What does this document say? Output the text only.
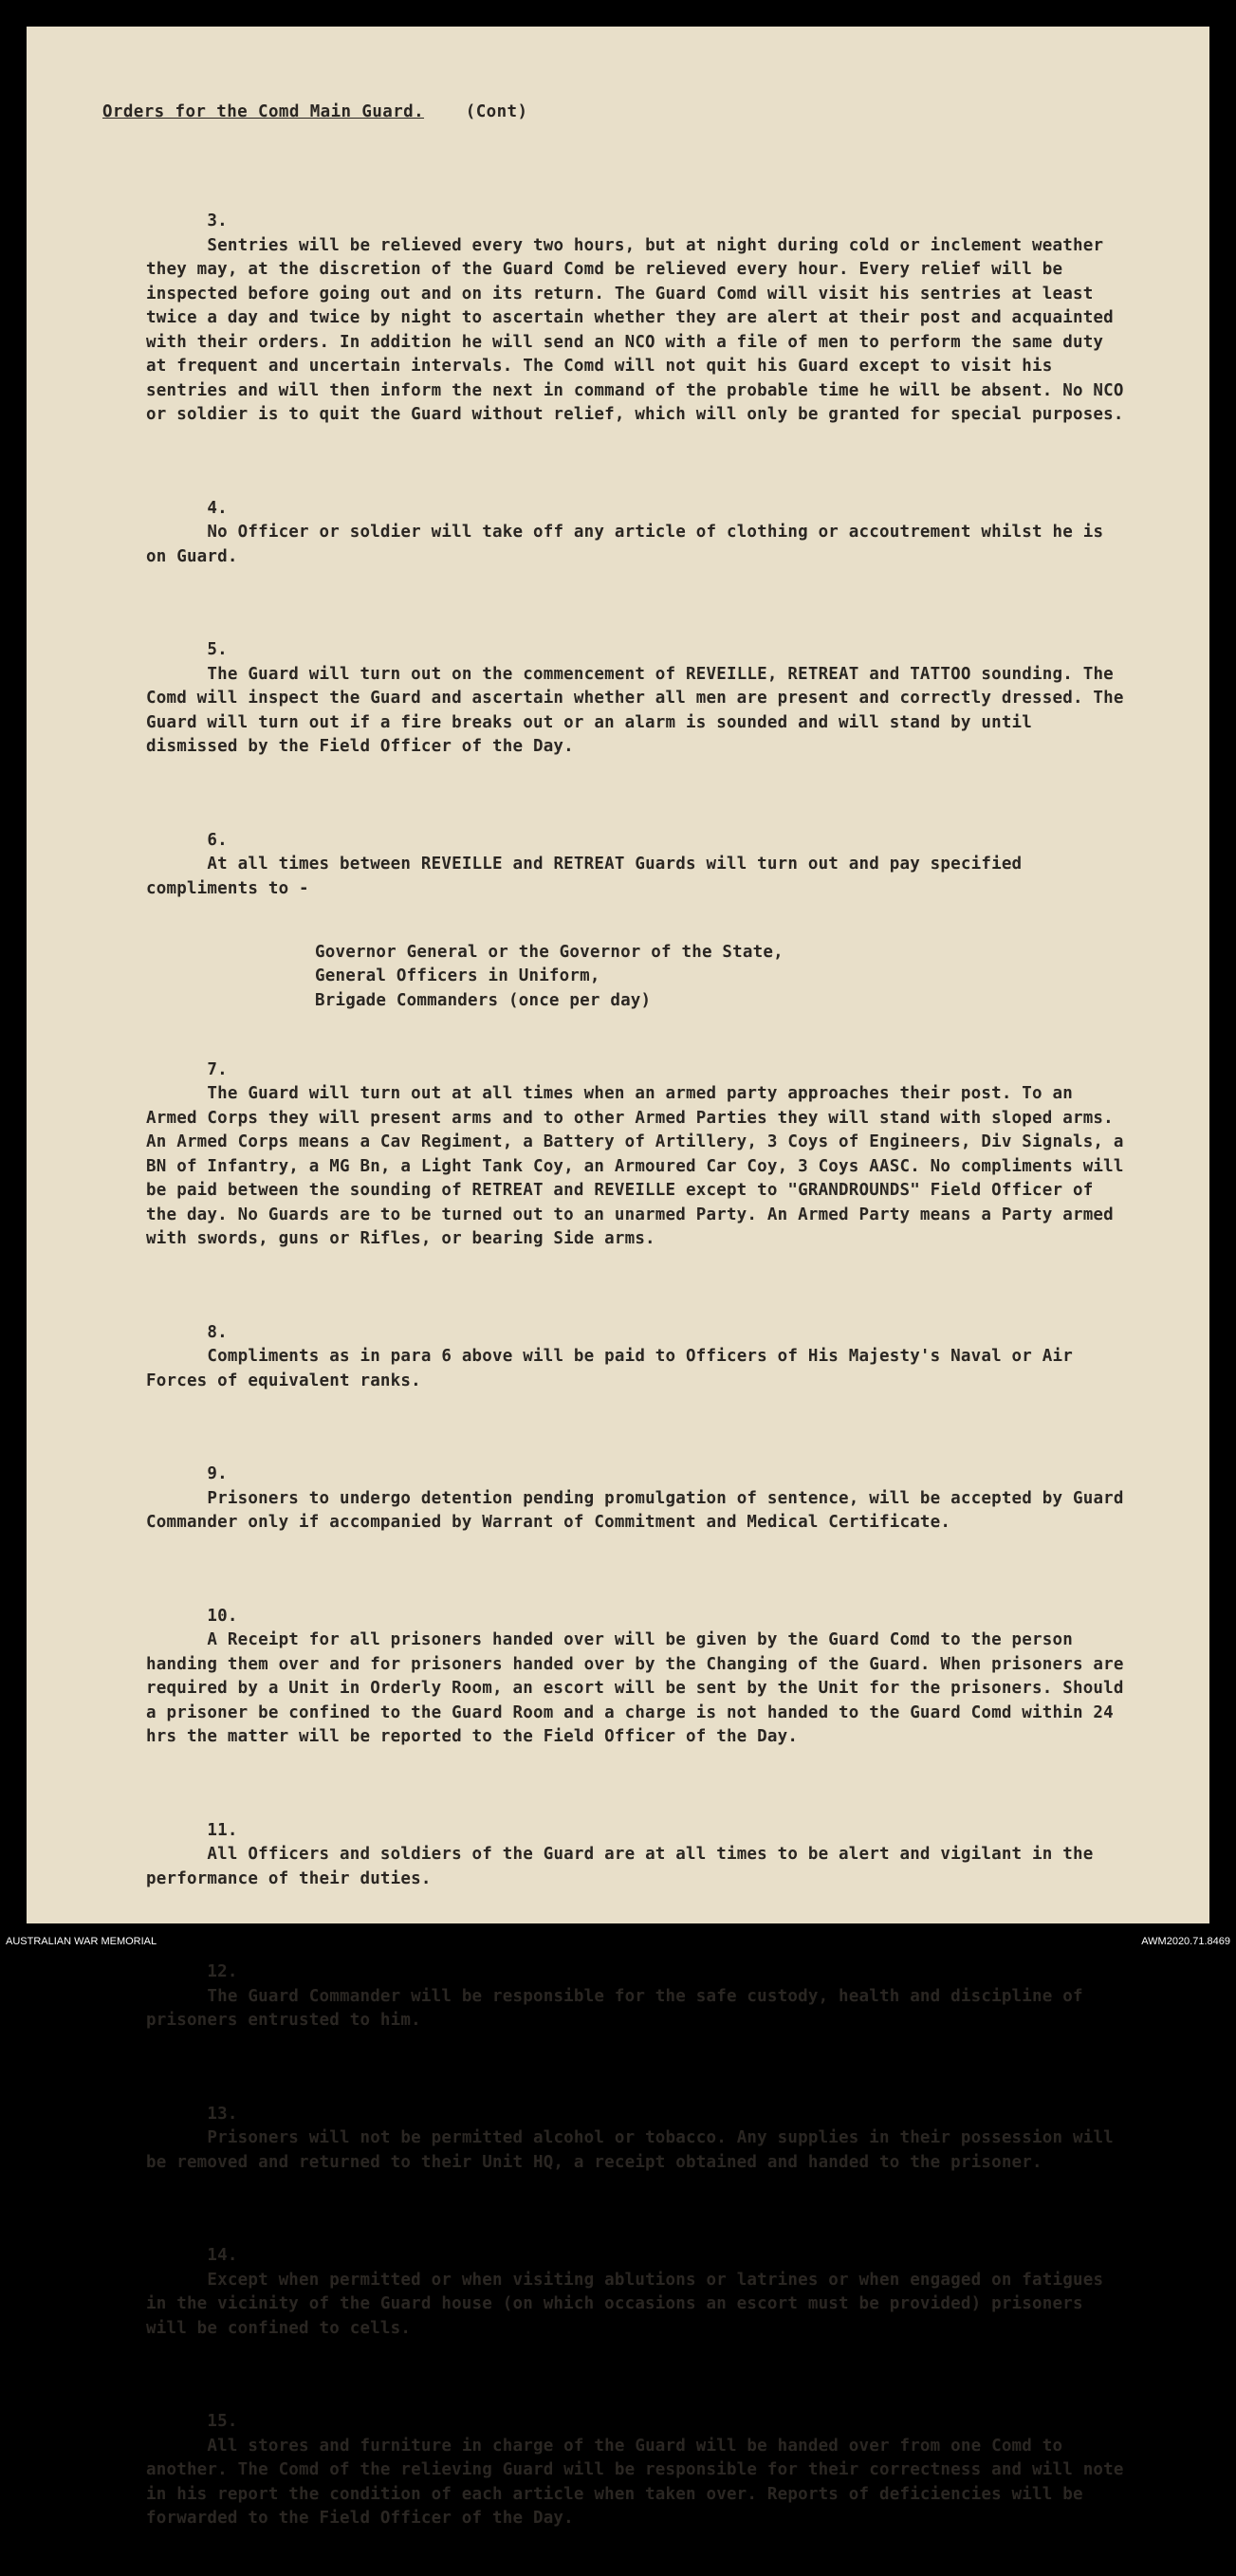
Orders for the Comd Main Guard.	(Cont)

3.
Sentries will be relieved every two hours, but at night during cold or inclement weather they may, at the discretion of the Guard Comd be relieved every hour. Every relief will be inspected before going out and on its return. The Guard Comd will visit his sentries at least twice a day and twice by night to ascertain whether they are alert at their post and acquainted with their orders. In addition he will send an NCO with a file of men to perform the same duty at frequent and uncertain intervals. The Comd will not quit his Guard except to visit his sentries and will then inform the next in command of the probable time he will be absent. No NCO or soldier is to quit the Guard without relief, which will only be granted for special purposes.

4.
No Officer or soldier will take off any article of clothing or accoutrement whilst he is on Guard.

5.
The Guard will turn out on the commencement of REVEILLE, RETREAT and TATTOO sounding. The Comd will inspect the Guard and ascertain whether all men are present and correctly dressed. The Guard will turn out if a fire breaks out or an alarm is sounded and will stand by until dismissed by the Field Officer of the Day.

6.
At all times between REVEILLE and RETREAT Guards will turn out and pay specified compliments to -

Governor General or the Governor of the State,
General Officers in Uniform,
Brigade Commanders (once per day)

7.
The Guard will turn out at all times when an armed party approaches their post. To an Armed Corps they will present arms and to other Armed Parties they will stand with sloped arms. An Armed Corps means a Cav Regiment, a Battery of Artillery, 3 Coys of Engineers, Div Signals, a BN of Infantry, a MG Bn, a Light Tank Coy, an Armoured Car Coy, 3 Coys AASC. No compliments will be paid between the sounding of RETREAT and REVEILLE except to "GRANDROUNDS" Field Officer of the day. No Guards are to be turned out to an unarmed Party. An Armed Party means a Party armed with swords, guns or Rifles, or bearing Side arms.

8.
Compliments as in para 6 above will be paid to Officers of His Majesty's Naval or Air Forces of equivalent ranks.

9.
Prisoners to undergo detention pending promulgation of sentence, will be accepted by Guard Commander only if accompanied by Warrant of Commitment and Medical Certificate.

10.
A Receipt for all prisoners handed over will be given by the Guard Comd to the person handing them over and for prisoners handed over by the Changing of the Guard. When prisoners are required by a Unit in Orderly Room, an escort will be sent by the Unit for the prisoners. Should a prisoner be confined to the Guard Room and a charge is not handed to the Guard Comd within 24 hrs the matter will be reported to the Field Officer of the Day.

11.
All Officers and soldiers of the Guard are at all times to be alert and vigilant in the performance of their duties.

12.
The Guard Commander will be responsible for the safe custody, health and discipline of prisoners entrusted to him.

13.
Prisoners will not be permitted alcohol or tobacco. Any supplies in their possession will be removed and returned to their Unit HQ, a receipt obtained and handed to the prisoner.

14.
Except when permitted or when visiting ablutions or latrines or when engaged on fatigues in the vicinity of the Guard house (on which occasions an escort must be provided) prisoners will be confined to cells.

15.
All stores and furniture in charge of the Guard will be handed over from one Comd to another. The Comd of the relieving Guard will be responsible for their correctness and will note in his report the condition of each article when taken over. Reports of deficiencies will be forwarded to the Field Officer of the Day.

AUSTRALIAN WAR MEMORIAL	AWM2020.71.8469
